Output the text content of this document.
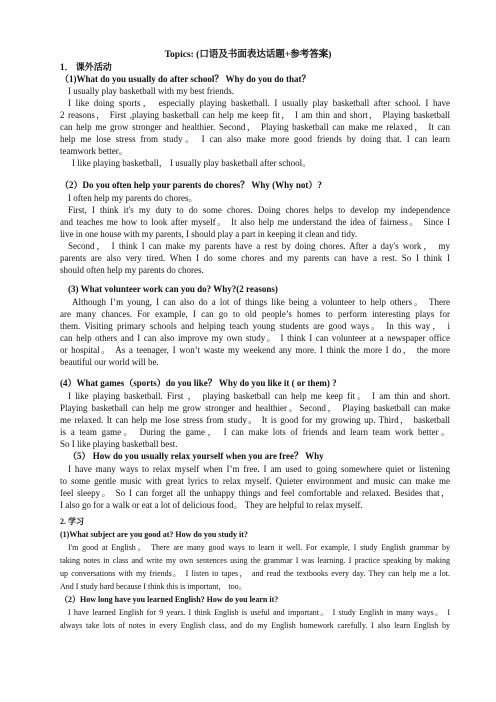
Topics: (口语及书面表达话题+参考答案)
1． 课外活动
（1)What do you usually do after school？ Why do you do that？
I usually play basketball with my best friends.
I like doing sports， especially playing basketball. I usually play basketball after school. I have
2 reasons， First ,playing basketball can help me keep fit， I am thin and short， Playing basketball
can help me grow stronger and healthier. Second， Playing basketball can make me relaxed， It can
help me lose stress from study。 I can also make more good friends by doing that. I can learn
teamwork better。
I like playing basketball， I usually play basketball after school。
（2）Do you often help your parents do chores？ Why (Why not）?
I often help my parents do chores。
First, I think it's my duty to do some chores. Doing chores helps to develop my independence
and teaches me how to look after myself。 It also help me understand the idea of fairness。 Since I
live in one house with my parents, I should play a part in keeping it clean and tidy.
Second， I think I can make my parents have a rest by doing chores. After a day's work， my
parents are also very tired. When I do some chores and my parents can have a rest. So I think I
should often help my parents do chores.
(3) What volunteer work can you do? Why?(2 reasons)
Although I’m young, I can also do a lot of things like being a volunteer to help others。 There
are many chances. For example, I can go to old people’s homes to perform interesting plays for
them. Visiting primary schools and helping teach young students are good ways。 In this way， i
can help others and I can also improve my own study。 I think I can volunteer at a newspaper office
or hospital。 As a teenager, I won’t waste my weekend any more. I think the more I do， the more
beautiful our world will be.
(4）What games（sports）do you like？ Why do you like it ( or them) ?
I like playing basketball. First ， playing basketball can help me keep fit。 I am thin and short.
Playing basketball can help me grow stronger and healthier。Second， Playing basketball can make
me relaxed. It can help me lose stress from study。 It is good for my growing up. Third， basketball
is a team game。 During the game， I can make lots of friends and learn team work better。
So I like playing basketball best.
（5） How do you usually relax yourself when you are free？ Why
I have many ways to relax myself when I’m free. I am used to going somewhere quiet or listening
to some gentle music with great lyrics to relax myself. Quieter environment and music can make me
feel sleepy。 So I can forget all the unhappy things and feel comfortable and relaxed. Besides that，
I also go for a walk or eat a lot of delicious food。 They are helpful to relax myself.
2. 学习
(1)What subject are you good at? How do you study it?
I'm good at English。 There are many good ways to learn it well. For example, I study English grammar by
taking notes in class and write my own sentences using the grammar I was learning. I practice speaking by making
up conversations with my friends。 I listen to tapes， and read the textbooks every day. They can help me a lot.
And I study hard because I think this is important， too。
（2）How long have you learned English? How do you learn it?
I have learned English for 9 years. I think English is useful and important。 I study English in many ways。 I
always take lots of notes in every English class, and do my English homework carefully. I also learn English by
